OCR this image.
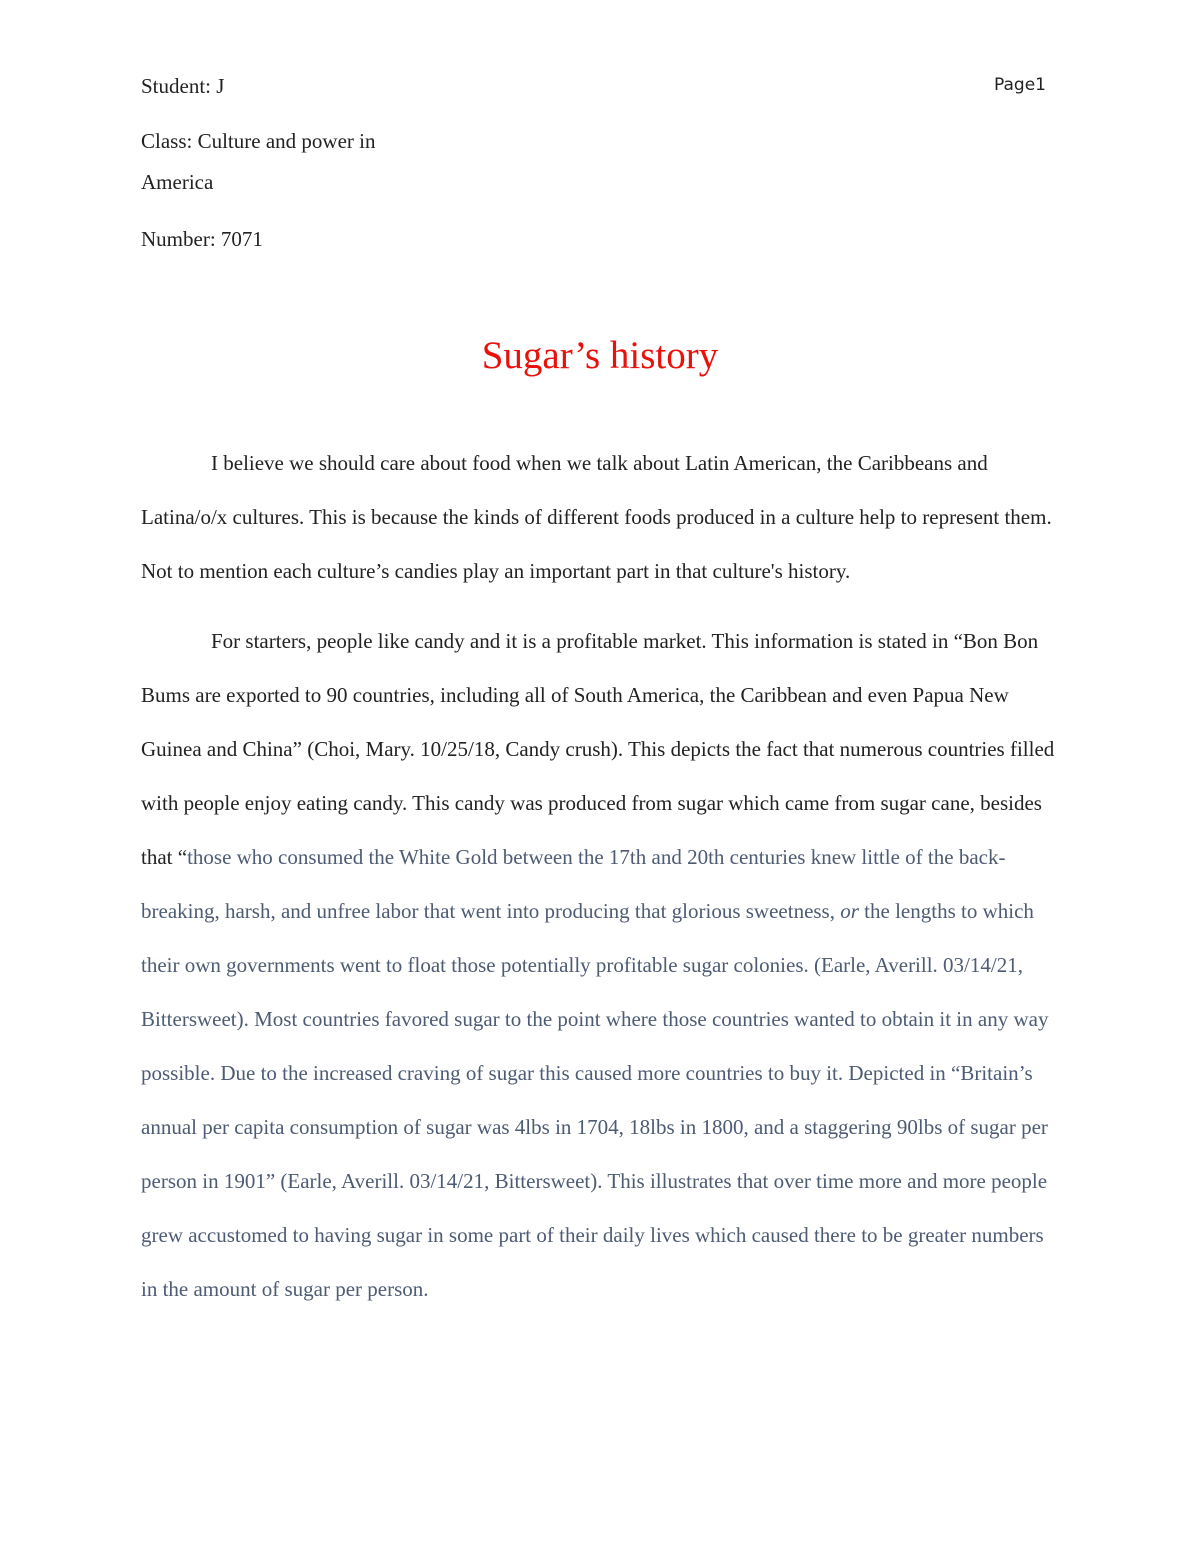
Student: J	Page1
Class: Culture and power in
America
Number: 7071
Sugar’s history

I believe we should care about food when we talk about Latin American, the Caribbeans and Latina/o/x cultures. This is because the kinds of different foods produced in a culture help to represent them. Not to mention each culture’s candies play an important part in that culture's history.

For starters, people like candy and it is a profitable market. This information is stated in “Bon Bon Bums are exported to 90 countries, including all of South America, the Caribbean and even Papua New Guinea and China” (Choi, Mary. 10/25/18, Candy crush). This depicts the fact that numerous countries filled with people enjoy eating candy. This candy was produced from sugar which came from sugar cane, besides that “those who consumed the White Gold between the 17th and 20th centuries knew little of the back-breaking, harsh, and unfree labor that went into producing that glorious sweetness, or the lengths to which their own governments went to float those potentially profitable sugar colonies. (Earle, Averill. 03/14/21, Bittersweet). Most countries favored sugar to the point where those countries wanted to obtain it in any way possible. Due to the increased craving of sugar this caused more countries to buy it. Depicted in “Britain’s annual per capita consumption of sugar was 4lbs in 1704, 18lbs in 1800, and a staggering 90lbs of sugar per person in 1901” (Earle, Averill. 03/14/21, Bittersweet). This illustrates that over time more and more people grew accustomed to having sugar in some part of their daily lives which caused there to be greater numbers in the amount of sugar per person.
